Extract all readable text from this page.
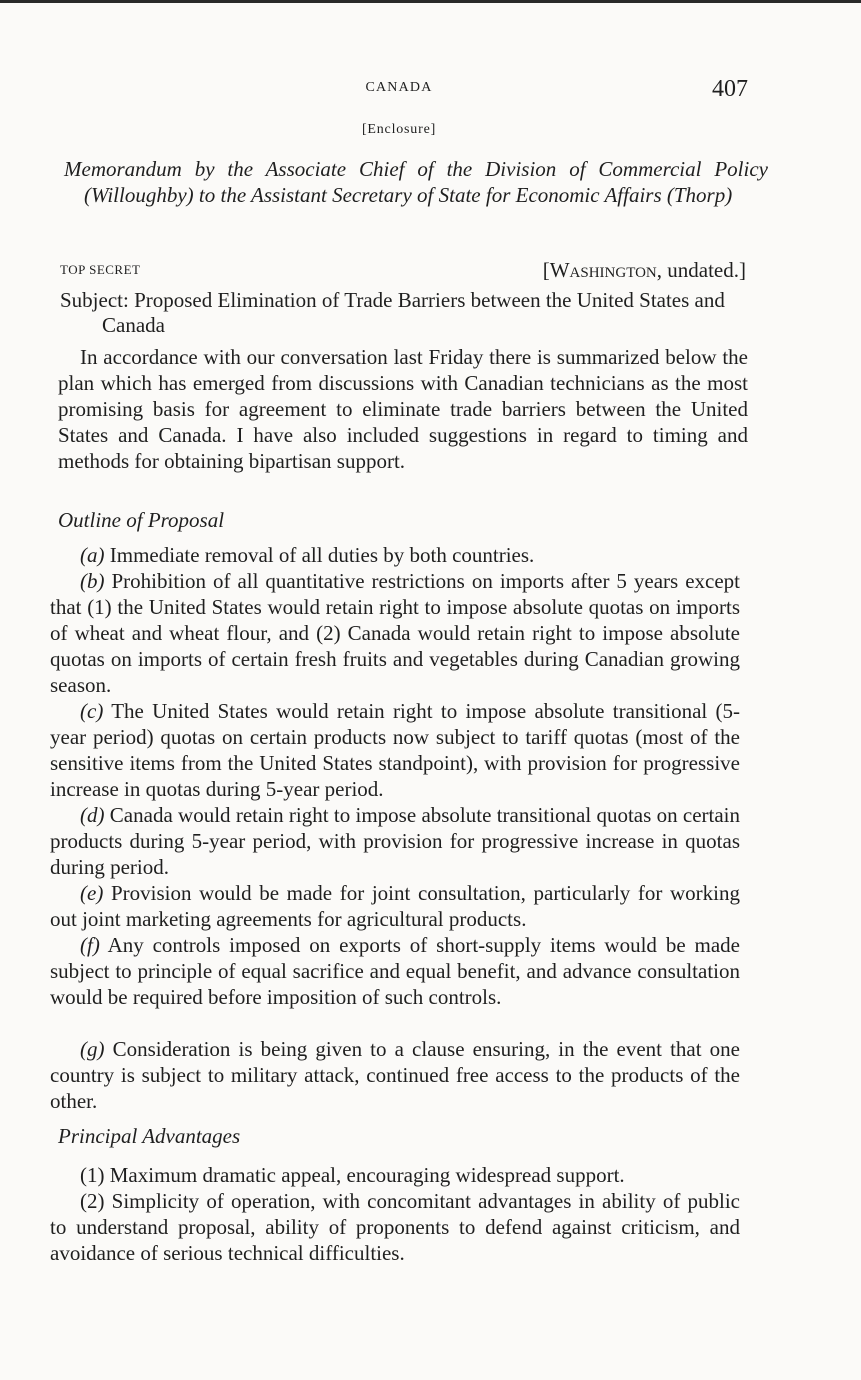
CANADA	407
[Enclosure]
Memorandum by the Associate Chief of the Division of Commercial Policy (Willoughby) to the Assistant Secretary of State for Economic Affairs (Thorp)
TOP SECRET	[Washington, undated.]
Subject: Proposed Elimination of Trade Barriers between the United States and Canada

In accordance with our conversation last Friday there is summarized below the plan which has emerged from discussions with Canadian technicians as the most promising basis for agreement to eliminate trade barriers between the United States and Canada. I have also included suggestions in regard to timing and methods for obtaining bipartisan support.

Outline of Proposal

(a) Immediate removal of all duties by both countries.

(b) Prohibition of all quantitative restrictions on imports after 5 years except that (1) the United States would retain right to impose absolute quotas on imports of wheat and wheat flour, and (2) Canada would retain right to impose absolute quotas on imports of certain fresh fruits and vegetables during Canadian growing season.

(c) The United States would retain right to impose absolute transitional (5-year period) quotas on certain products now subject to tariff quotas (most of the sensitive items from the United States standpoint), with provision for progressive increase in quotas during 5-year period.

(d) Canada would retain right to impose absolute transitional quotas on certain products during 5-year period, with provision for progressive increase in quotas during period.

(e) Provision would be made for joint consultation, particularly for working out joint marketing agreements for agricultural products.

(f) Any controls imposed on exports of short-supply items would be made subject to principle of equal sacrifice and equal benefit, and advance consultation would be required before imposition of such controls.

(g) Consideration is being given to a clause ensuring, in the event that one country is subject to military attack, continued free access to the products of the other.

Principal Advantages

(1) Maximum dramatic appeal, encouraging widespread support.

(2) Simplicity of operation, with concomitant advantages in ability of public to understand proposal, ability of proponents to defend against criticism, and avoidance of serious technical difficulties.
